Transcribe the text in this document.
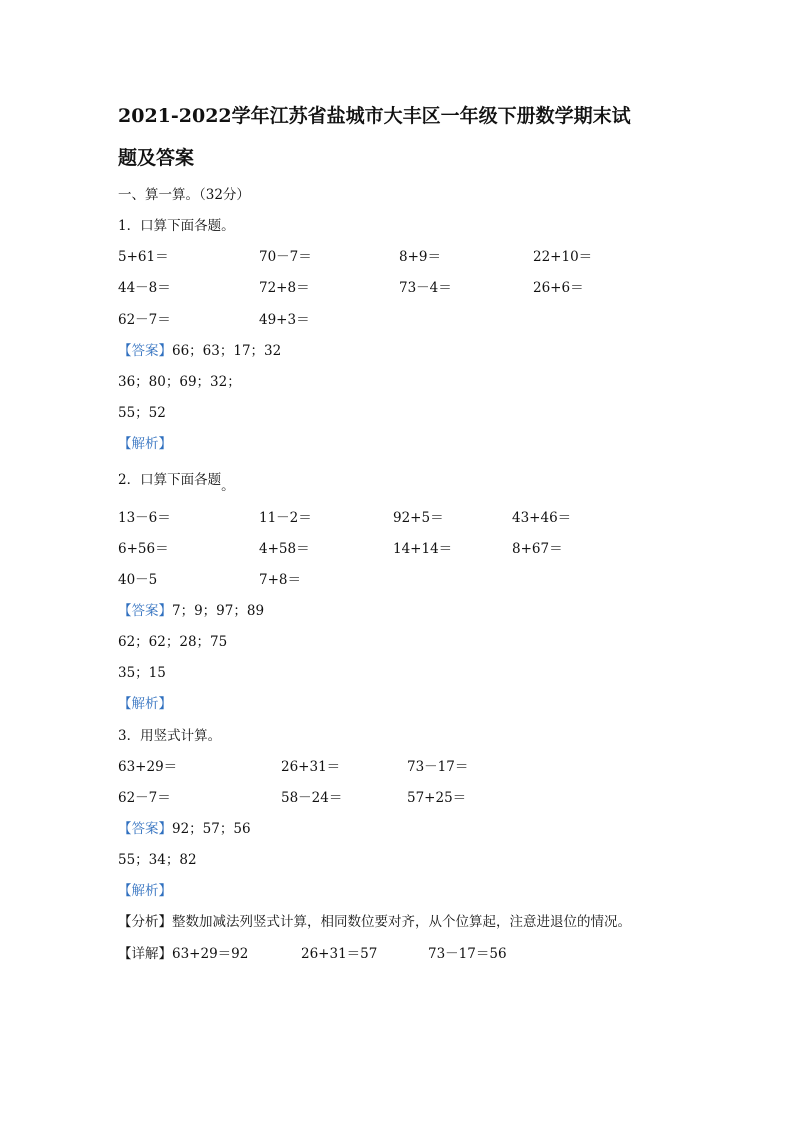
2021-2022学年江苏省盐城市大丰区一年级下册数学期末试
题及答案
一、算一算。（32分）
1．口算下面各题。
5+61＝	70－7＝	8+9＝	22+10＝
44－8＝	72+8＝	73－4＝	26+6＝
62－7＝	49+3＝
【答案】66；63；17；32
36；80；69；32；
55；52
【解析】
2．口算下面各题。
13－6＝	11－2＝	92+5＝	43+46＝
6+56＝	4+58＝	14+14＝	8+67＝
40－5	7+8＝
【答案】7；9；97；89
62；62；28；75
35；15
【解析】
3．用竖式计算。
63+29＝	26+31＝	73－17＝
62－7＝	58－24＝	57+25＝
【答案】92；57；56
55；34；82
【解析】
【分析】整数加减法列竖式计算，相同数位要对齐，从个位算起，注意进退位的情况。
【详解】63+29＝92	26+31＝57	73－17＝56
